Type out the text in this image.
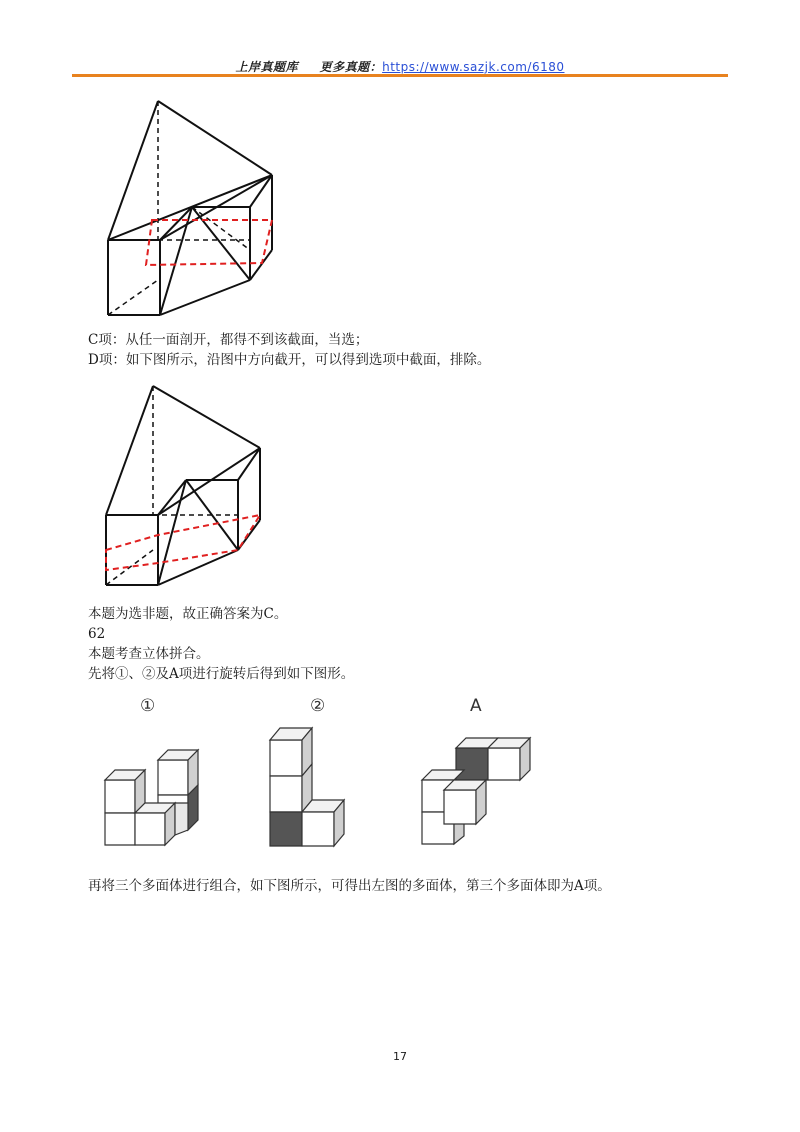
上岸真题库 更多真题：https://www.sazjk.com/6180
C项：从任一面剖开，都得不到该截面，当选；
D项：如下图所示，沿图中方向截开，可以得到选项中截面，排除。
本题为选非题，故正确答案为C。
62
本题考查立体拼合。
先将①、②及A项进行旋转后得到如下图形。
①	②	A
再将三个多面体进行组合，如下图所示，可得出左图的多面体，第三个多面体即为A项。
17
